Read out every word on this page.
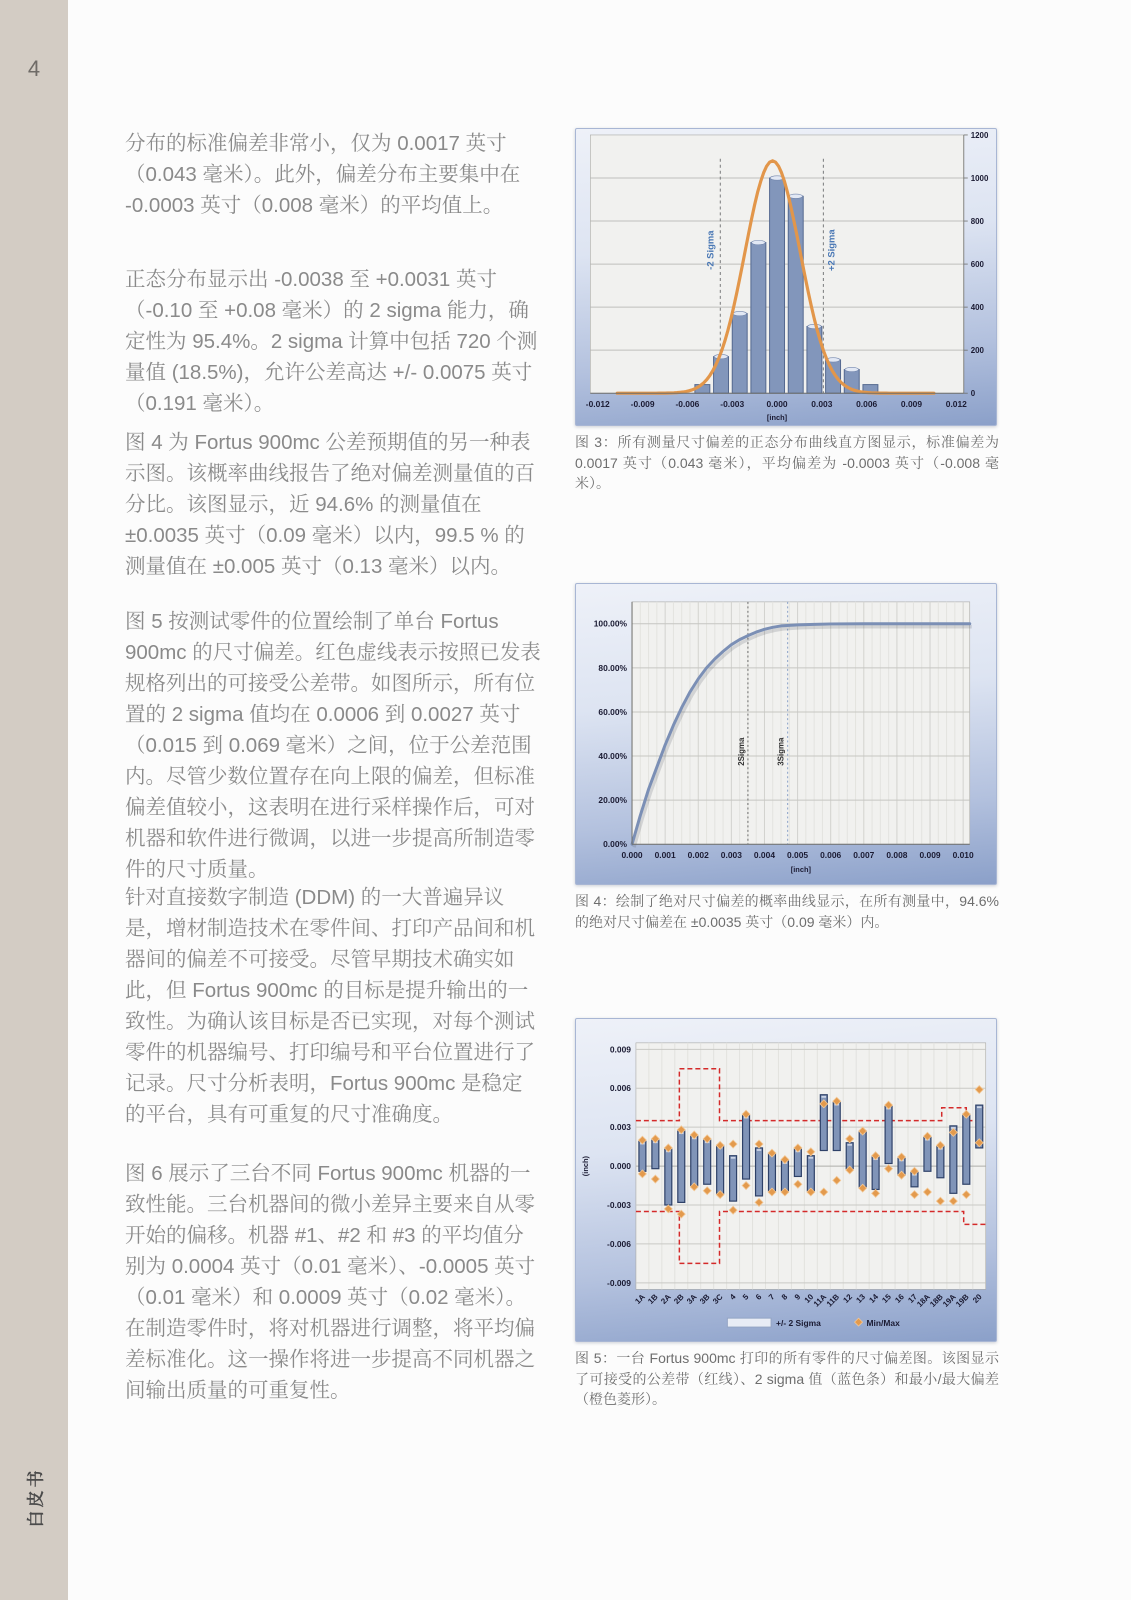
4
白皮书
分布的标准偏差非常小，仅为 0.0017 英寸（0.043 毫米）。此外，偏差分布主要集中在 -0.0003 英寸（0.008 毫米）的平均值上。
正态分布显示出 -0.0038 至 +0.0031 英寸（-0.10 至 +0.08 毫米）的 2 sigma 能力，确定性为 95.4%。2 sigma 计算中包括 720 个测量值 (18.5%)，允许公差高达 +/- 0.0075 英寸（0.191 毫米）。
图 4 为 Fortus 900mc 公差预期值的另一种表示图。该概率曲线报告了绝对偏差测量值的百分比。该图显示，近 94.6% 的测量值在 ±0.0035 英寸（0.09 毫米）以内，99.5 % 的测量值在 ±0.005 英寸（0.13 毫米）以内。
图 5 按测试零件的位置绘制了单台 Fortus 900mc 的尺寸偏差。红色虚线表示按照已发表规格列出的可接受公差带。如图所示，所有位置的 2 sigma 值均在 0.0006 到 0.0027 英寸（0.015 到 0.069 毫米）之间，位于公差范围内。尽管少数位置存在向上限的偏差，但标准偏差值较小，这表明在进行采样操作后，可对机器和软件进行微调，以进一步提高所制造零件的尺寸质量。
针对直接数字制造 (DDM) 的一大普遍异议是，增材制造技术在零件间、打印产品间和机器间的偏差不可接受。尽管早期技术确实如此，但 Fortus 900mc 的目标是提升输出的一致性。为确认该目标是否已实现，对每个测试零件的机器编号、打印编号和平台位置进行了记录。尺寸分析表明，Fortus 900mc 是稳定的平台，具有可重复的尺寸准确度。
图 6 展示了三台不同 Fortus 900mc 机器的一致性能。三台机器间的微小差异主要来自从零开始的偏移。机器 #1、#2 和 #3 的平均值分别为 0.0004 英寸（0.01 毫米）、-0.0005 英寸（0.01 毫米）和 0.0009 英寸（0.02 毫米）。在制造零件时，将对机器进行调整，将平均偏差标准化。这一操作将进一步提高不同机器之间输出质量的可重复性。
-2 Sigma	+2 Sigma
-0.012 -0.009 -0.006 -0.003	0.000	0.003	0.006	0.009	0.012
[inch]
0
200
400
600
800
1000
1200
图 3：所有测量尺寸偏差的正态分布曲线直方图显示，标准偏差为 0.0017 英寸（0.043 毫米），平均偏差为 -0.0003 英寸（-0.008 毫米）。
2Sigma	3Sigma
0.000 0.001 0.002 0.003 0.004 0.005 0.006 0.007 0.008 0.009 0.010
[inch]
0.00%
20.00%
40.00%
60.00%
80.00%
100.00%
图 4：绘制了绝对尺寸偏差的概率曲线显示，在所有测量中，94.6% 的绝对尺寸偏差在 ±0.0035 英寸（0.09 毫米）内。
1A 1B 2A 2B 3A 3B 3C 4 5 6 7 8 9 10
11A
11B 12 13 14 15 16 17
18A
18B
19A
19B 20
0.009
0.006
0.003
0.000
-0.003
-0.006
-0.009
(inch)
+/- 2 Sigma	Min/Max
图 5：一台 Fortus 900mc 打印的所有零件的尺寸偏差图。该图显示了可接受的公差带（红线）、2 sigma 值（蓝色条）和最小/最大偏差（橙色菱形）。
